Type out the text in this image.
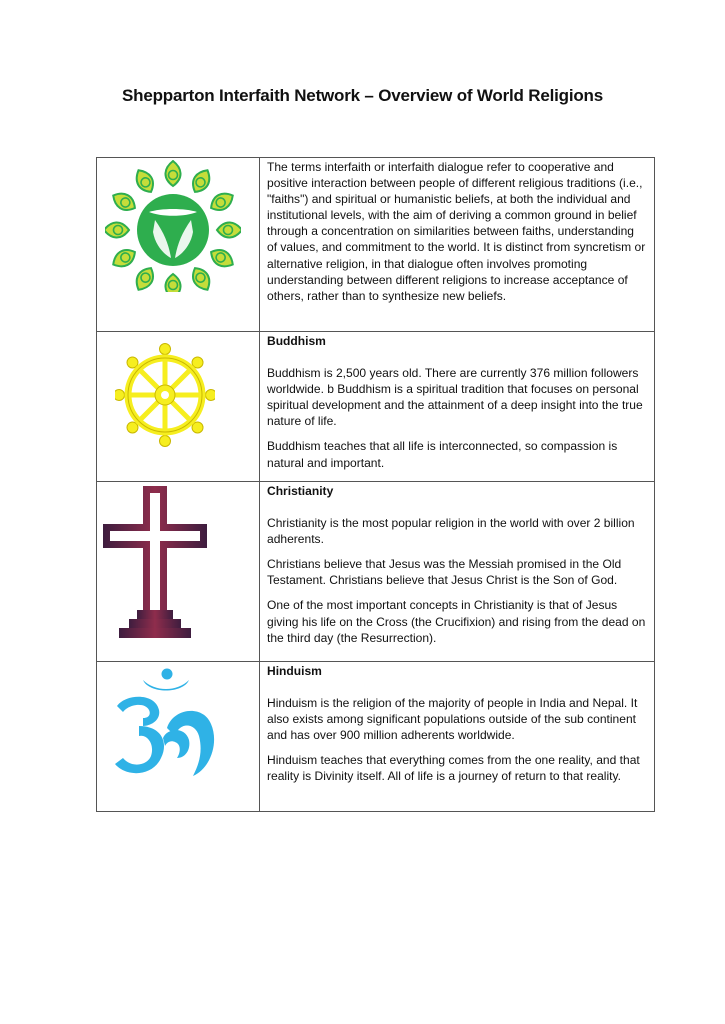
Shepparton Interfaith Network – Overview of World Religions

The terms interfaith or interfaith dialogue refer to cooperative and positive interaction between people of different religious traditions (i.e., "faiths") and spiritual or humanistic beliefs, at both the individual and institutional levels, with the aim of deriving a common ground in belief through a concentration on similarities between faiths, understanding of values, and commitment to the world. It is distinct from syncretism or alternative religion, in that dialogue often involves promoting understanding between different religions to increase acceptance of others, rather than to synthesize new beliefs.

Buddhism

Buddhism is 2,500 years old. There are currently 376 million followers worldwide. b Buddhism is a spiritual tradition that focuses on personal spiritual development and the attainment of a deep insight into the true nature of life.

Buddhism teaches that all life is interconnected, so compassion is natural and important.

Christianity

Christianity is the most popular religion in the world with over 2 billion adherents.

Christians believe that Jesus was the Messiah promised in the Old Testament. Christians believe that Jesus Christ is the Son of God.

One of the most important concepts in Christianity is that of Jesus giving his life on the Cross (the Crucifixion) and rising from the dead on the third day (the Resurrection).

Hinduism

Hinduism is the religion of the majority of people in India and Nepal. It also exists among significant populations outside of the sub continent and has over 900 million adherents worldwide.

Hinduism teaches that everything comes from the one reality, and that reality is Divinity itself. All of life is a journey of return to that reality.
